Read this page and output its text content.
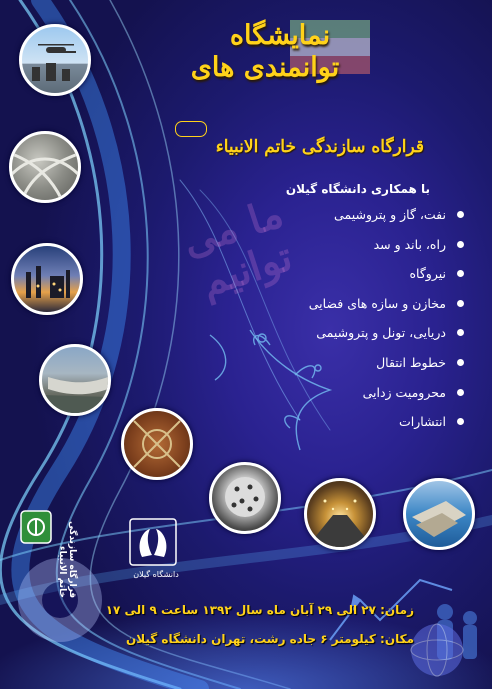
نمایشگاه

توانمندی های
قرارگاه سازندگی خاتم الانبیاء
ما می توانیم
با همکاری دانشگاه گیلان
نفت، گاز و پتروشیمی
راه، باند و سد
نیروگاه
مخازن و سازه های فضایی
دریایی، تونل و پتروشیمی
خطوط انتقال
محرومیت زدایی
انتشارات
قرارگاه سازندگی خاتم الانبیاء	دانشگاه گیلان
زمان: ۲۷ الی ۲۹ آبان ماه سال ۱۳۹۲ ساعت ۹ الی ۱۷
مکان: کیلومتر ۶ جاده رشت، تهران دانشگاه گیلان
